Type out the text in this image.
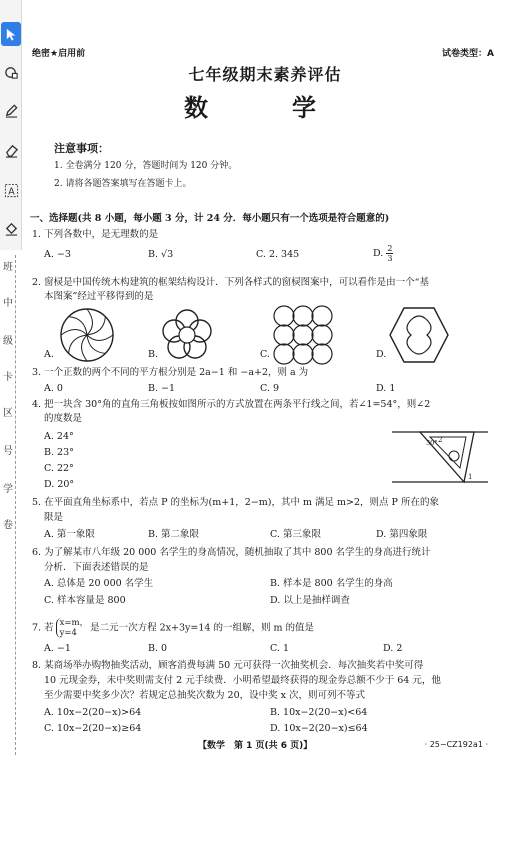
A
班
中
级
卡
区
号
学
卷
绝密★启用前	试卷类型：A
七年级期末素养评估
数　学
注意事项：
1. 全卷满分 120 分，答题时间为 120 分钟。
2. 请将各题答案填写在答题卡上。
一、选择题(共 8 小题，每小题 3 分，计 24 分．每小题只有一个选项是符合题意的)
1. 下列各数中，是无理数的是
A. −3	B. √3	C. 2. 345	D. $\frac{2}{3}$
2. 窗棂是中国传统木构建筑的框架结构设计．下列各样式的窗棂图案中，可以看作是由一个“基
本图案”经过平移得到的是
A.	B.	C.	D.
3. 一个正数的两个不同的平方根分别是 2a−1 和 −a+2，则 a 为
A. 0	B. −1	C. 9	D. 1
4. 把一块含 30°角的直角三角板按如图所示的方式放置在两条平行线之间，若∠1=54°，则∠2
的度数是
A. 24°
B. 23°
C. 22°
D. 20°
2
30°
1
5. 在平面直角坐标系中，若点 P 的坐标为(m+1，2−m)，其中 m 满足 m>2，则点 P 所在的象
限是
A. 第一象限	B. 第二象限	C. 第三象限	D. 第四象限
6. 为了解某市八年级 20 000 名学生的身高情况，随机抽取了其中 800 名学生的身高进行统计
分析．下面表述错误的是
A. 总体是 20 000 名学生	B. 样本是 800 名学生的身高
C. 样本容量是 800	D. 以上是抽样调查
7. 若 x=m，
y=4	是二元一次方程 2x+3y=14 的一组解，则 m 的值是
A. −1	B. 0	C. 1	D. 2
8. 某商场举办购物抽奖活动，顾客消费每满 50 元可获得一次抽奖机会．每次抽奖若中奖可得
10 元现金券，未中奖则需支付 2 元手续费．小明希望最终获得的现金券总额不少于 64 元，他
至少需要中奖多少次？若规定总抽奖次数为 20，设中奖 x 次，则可列不等式
A. 10x−2(20−x)>64	B. 10x−2(20−x)<64
C. 10x−2(20−x)≥64	D. 10x−2(20−x)≤64
【数学　第 1 页(共 6 页)】	· 25−CZ192a1 ·
